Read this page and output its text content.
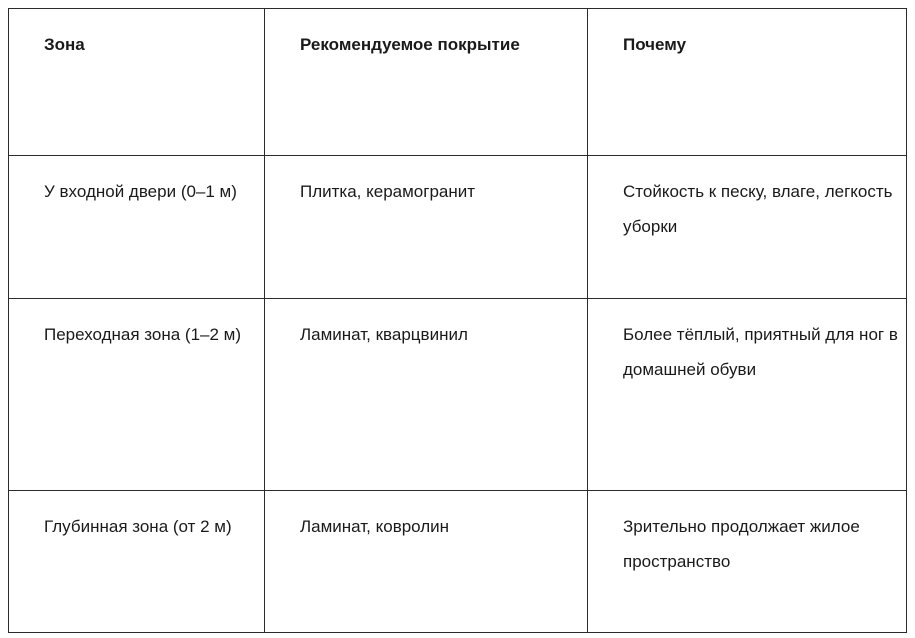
Зона	Рекомендуемое покрытие	Почему
У входной двери (0–1 м)	Плитка, керамогранит	Стойкость к песку, влаге, легкость уборки
Переходная зона (1–2 м)	Ламинат, кварцвинил	Более тёплый, приятный для ног в домашней обуви
Глубинная зона (от 2 м)	Ламинат, ковролин	Зрительно продолжает жилое пространство
